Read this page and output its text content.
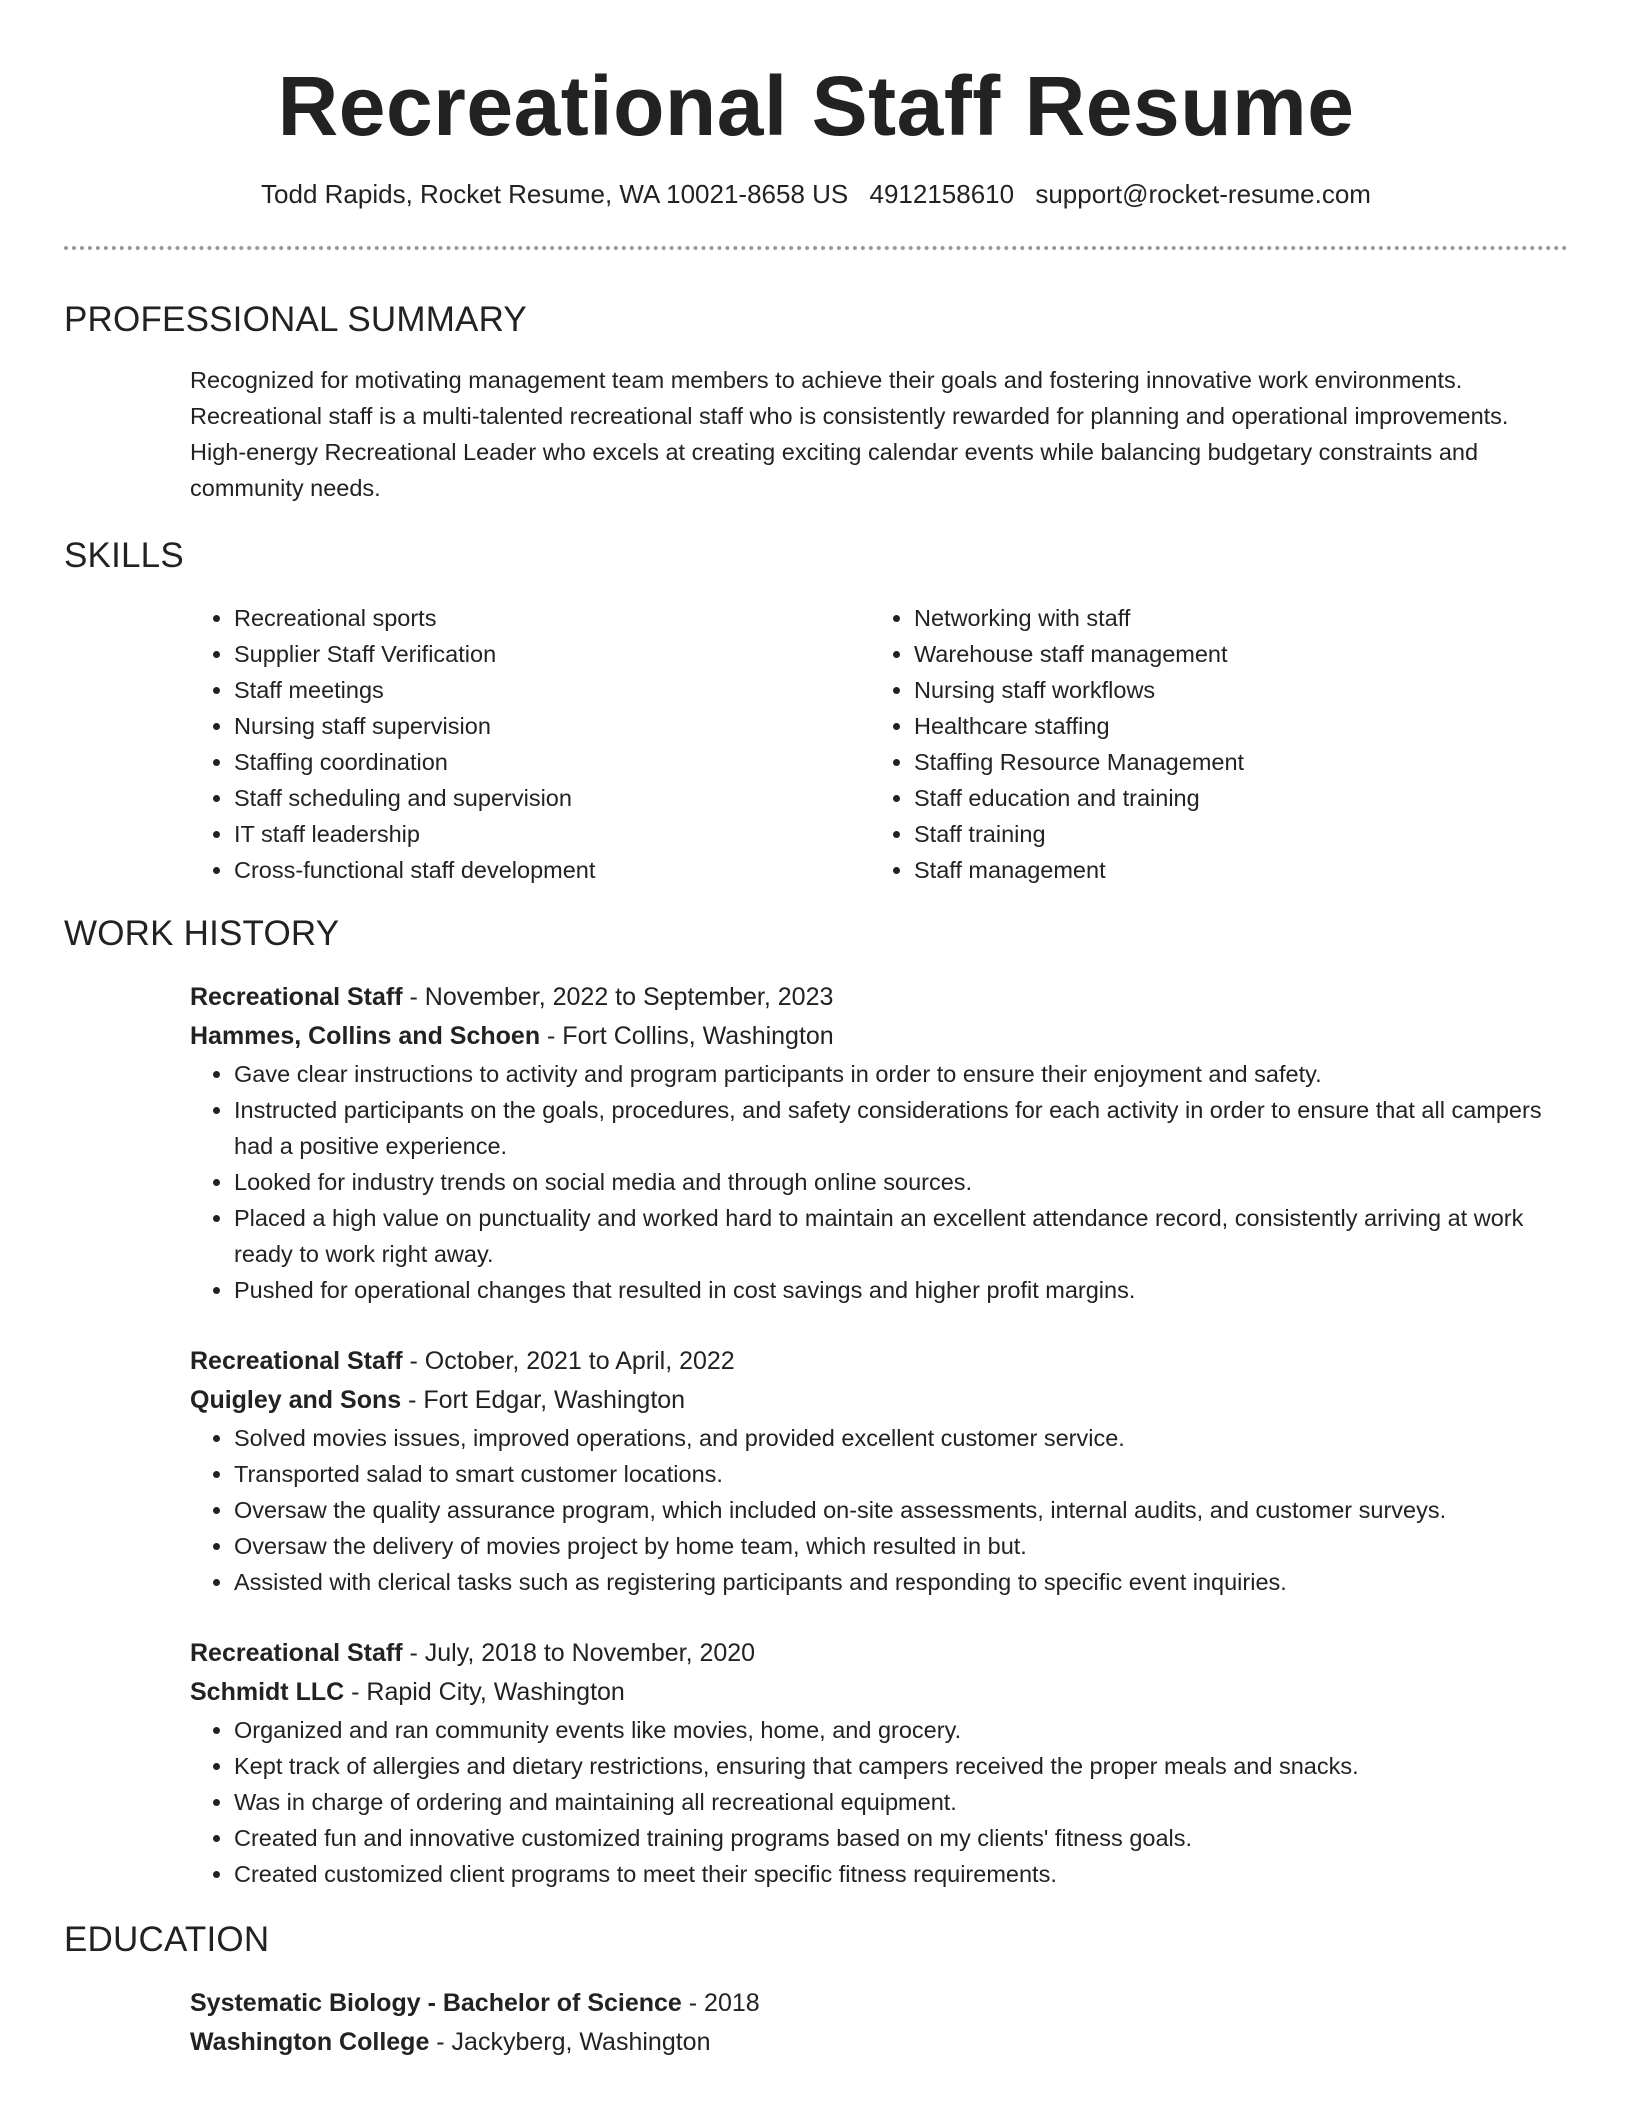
Recreational Staff Resume
Todd Rapids, Rocket Resume, WA 10021-8658 US 4912158610 support@rocket-resume.com
PROFESSIONAL SUMMARY
Recognized for motivating management team members to achieve their goals and fostering innovative work environments. Recreational staff is a multi-talented recreational staff who is consistently rewarded for planning and operational improvements. High-energy Recreational Leader who excels at creating exciting calendar events while balancing budgetary constraints and community needs.
SKILLS
• Recreational sports
• Supplier Staff Verification
• Staff meetings
• Nursing staff supervision
• Staffing coordination
• Staff scheduling and supervision
• IT staff leadership
• Cross-functional staff development
• Networking with staff
• Warehouse staff management
• Nursing staff workflows
• Healthcare staffing
• Staffing Resource Management
• Staff education and training
• Staff training
• Staff management
WORK HISTORY
Recreational Staff - November, 2022 to September, 2023
Hammes, Collins and Schoen - Fort Collins, Washington
• Gave clear instructions to activity and program participants in order to ensure their enjoyment and safety.
• Instructed participants on the goals, procedures, and safety considerations for each activity in order to ensure that all campers had a positive experience.
• Looked for industry trends on social media and through online sources.
• Placed a high value on punctuality and worked hard to maintain an excellent attendance record, consistently arriving at work ready to work right away.
• Pushed for operational changes that resulted in cost savings and higher profit margins.
Recreational Staff - October, 2021 to April, 2022
Quigley and Sons - Fort Edgar, Washington
• Solved movies issues, improved operations, and provided excellent customer service.
• Transported salad to smart customer locations.
• Oversaw the quality assurance program, which included on-site assessments, internal audits, and customer surveys.
• Oversaw the delivery of movies project by home team, which resulted in but.
• Assisted with clerical tasks such as registering participants and responding to specific event inquiries.
Recreational Staff - July, 2018 to November, 2020
Schmidt LLC - Rapid City, Washington
• Organized and ran community events like movies, home, and grocery.
• Kept track of allergies and dietary restrictions, ensuring that campers received the proper meals and snacks.
• Was in charge of ordering and maintaining all recreational equipment.
• Created fun and innovative customized training programs based on my clients' fitness goals.
• Created customized client programs to meet their specific fitness requirements.
EDUCATION
Systematic Biology - Bachelor of Science - 2018
Washington College - Jackyberg, Washington
